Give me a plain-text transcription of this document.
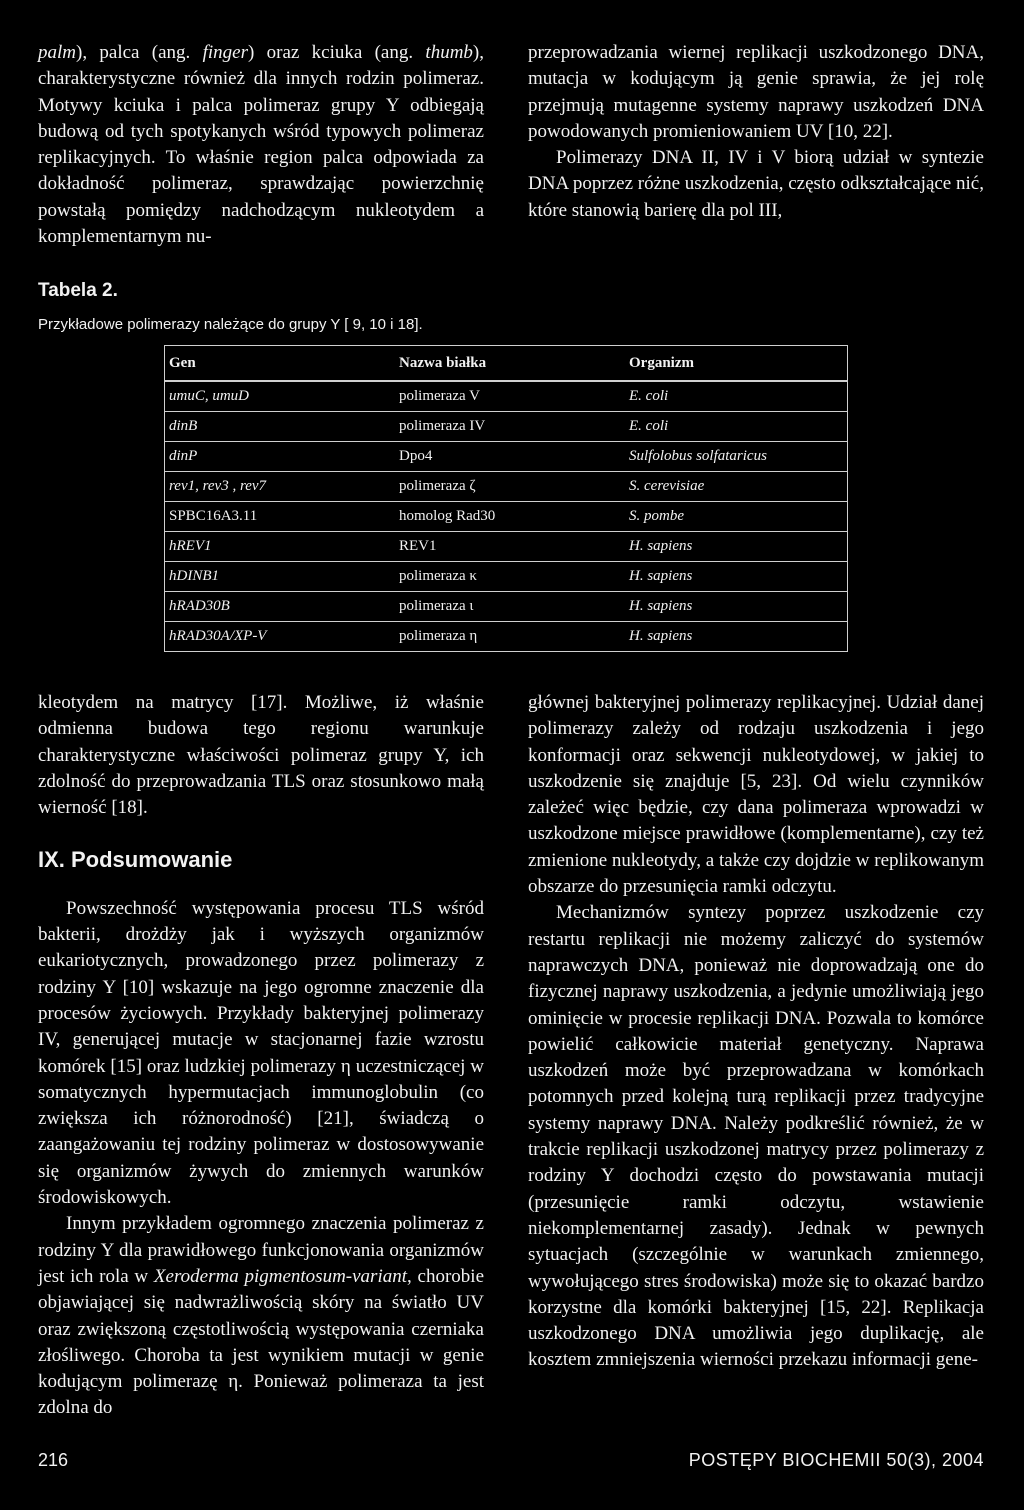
palm), palca (ang. finger) oraz kciuka (ang. thumb), charakterystyczne również dla innych rodzin polimeraz. Motywy kciuka i palca polimeraz grupy Y odbiegają budową od tych spotykanych wśród typowych polimeraz replikacyjnych. To właśnie region palca odpowiada za dokładność polimeraz, sprawdzając powierzchnię powstałą pomiędzy nadchodzącym nukleotydem a komplementarnym nu-

przeprowadzania wiernej replikacji uszkodzonego DNA, mutacja w kodującym ją genie sprawia, że jej rolę przejmują mutagenne systemy naprawy uszkodzeń DNA powodowanych promieniowaniem UV [10, 22].

Polimerazy DNA II, IV i V biorą udział w syntezie DNA poprzez różne uszkodzenia, często odkształcające nić, które stanowią barierę dla pol III,

Tabela 2.
Przykładowe polimerazy należące do grupy Y [ 9, 10 i 18].
Gen	Nazwa białka	Organizm
umuC, umuD	polimeraza V	E. coli
dinB	polimeraza IV	E. coli
dinP	Dpo4	Sulfolobus solfataricus
rev1, rev3 , rev7	polimeraza ζ	S. cerevisiae
SPBC16A3.11	homolog Rad30	S. pombe
hREV1	REV1	H. sapiens
hDINB1	polimeraza κ	H. sapiens
hRAD30B	polimeraza ι	H. sapiens
hRAD30A/XP-V	polimeraza η	H. sapiens

kleotydem na matrycy [17]. Możliwe, iż właśnie odmienna budowa tego regionu warunkuje charakterystyczne właściwości polimeraz grupy Y, ich zdolność do przeprowadzania TLS oraz stosunkowo małą wierność [18].

IX. Podsumowanie

Powszechność występowania procesu TLS wśród bakterii, drożdży jak i wyższych organizmów eukariotycznych, prowadzonego przez polimerazy z rodziny Y [10] wskazuje na jego ogromne znaczenie dla procesów życiowych. Przykłady bakteryjnej polimerazy IV, generującej mutacje w stacjonarnej fazie wzrostu komórek [15] oraz ludzkiej polimerazy η uczestniczącej w somatycznych hypermutacjach immunoglobulin (co zwiększa ich różnorodność) [21], świadczą o zaangażowaniu tej rodziny polimeraz w dostosowywanie się organizmów żywych do zmiennych warunków środowiskowych.

Innym przykładem ogromnego znaczenia polimeraz z rodziny Y dla prawidłowego funkcjonowania organizmów jest ich rola w Xeroderma pigmentosum-variant, chorobie objawiającej się nadwrażliwością skóry na światło UV oraz zwiększoną częstotliwością występowania czerniaka złośliwego. Choroba ta jest wynikiem mutacji w genie kodującym polimerazę η. Ponieważ polimeraza ta jest zdolna do

głównej bakteryjnej polimerazy replikacyjnej. Udział danej polimerazy zależy od rodzaju uszkodzenia i jego konformacji oraz sekwencji nukleotydowej, w jakiej to uszkodzenie się znajduje [5, 23]. Od wielu czynników zależeć więc będzie, czy dana polimeraza wprowadzi w uszkodzone miejsce prawidłowe (komplementarne), czy też zmienione nukleotydy, a także czy dojdzie w replikowanym obszarze do przesunięcia ramki odczytu.

Mechanizmów syntezy poprzez uszkodzenie czy restartu replikacji nie możemy zaliczyć do systemów naprawczych DNA, ponieważ nie doprowadzają one do fizycznej naprawy uszkodzenia, a jedynie umożliwiają jego ominięcie w procesie replikacji DNA. Pozwala to komórce powielić całkowicie materiał genetyczny. Naprawa uszkodzeń może być przeprowadzana w komórkach potomnych przed kolejną turą replikacji przez tradycyjne systemy naprawy DNA. Należy podkreślić również, że w trakcie replikacji uszkodzonej matrycy przez polimerazy z rodziny Y dochodzi często do powstawania mutacji (przesunięcie ramki odczytu, wstawienie niekomplementarnej zasady). Jednak w pewnych sytuacjach (szczególnie w warunkach zmiennego, wywołującego stres środowiska) może się to okazać bardzo korzystne dla komórki bakteryjnej [15, 22]. Replikacja uszkodzonego DNA umożliwia jego duplikację, ale kosztem zmniejszenia wierności przekazu informacji gene-

216	POSTĘPY BIOCHEMII 50(3), 2004
